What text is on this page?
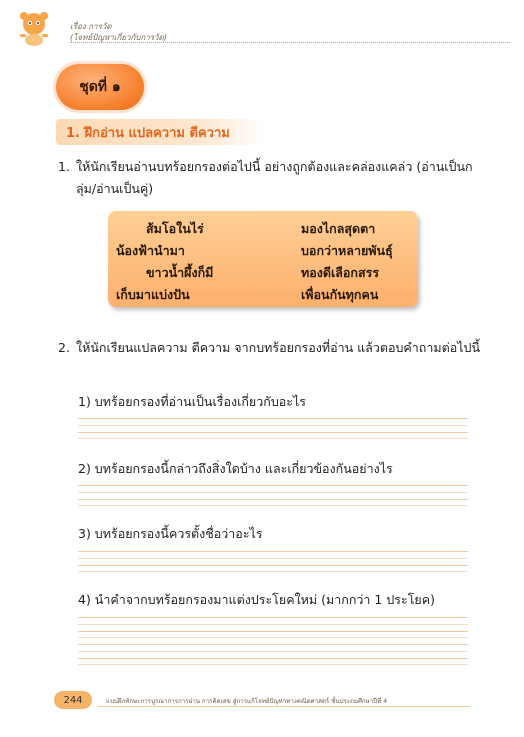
เรื่อง การวัด
(โจทย์ปัญหาเกี่ยวกับการวัด)
ชุดที่ ๑
1. ฝึกอ่าน แปลความ ตีความ
1. ให้นักเรียนอ่านบทร้อยกรองต่อไปนี้ อย่างถูกต้องและคล่องแคล่ว (อ่านเป็นกลุ่ม/อ่านเป็นคู่)
ส้มโอในไร่
น้องฟ้านำมา
ขาวน้ำผึ้งก็มี
เก็บมาแบ่งปัน
มองไกลสุดตา
บอกว่าหลายพันธุ์
ทองดีเลือกสรร
เพื่อนกันทุกคน
2. ให้นักเรียนแปลความ ตีความ จากบทร้อยกรองที่อ่าน แล้วตอบคำถามต่อไปนี้
1) บทร้อยกรองที่อ่านเป็นเรื่องเกี่ยวกับอะไร
2) บทร้อยกรองนี้กล่าวถึงสิ่งใดบ้าง และเกี่ยวข้องกันอย่างไร
3) บทร้อยกรองนี้ควรตั้งชื่อว่าอะไร
4) นำคำจากบทร้อยกรองมาแต่งประโยคใหม่ (มากกว่า 1 ประโยค)
244	แบบฝึกทักษะการบูรณาการการอ่าน การคิดเลข สู่การแก้โจทย์ปัญหาทางคณิตศาสตร์ ชั้นประถมศึกษาปีที่ 4
